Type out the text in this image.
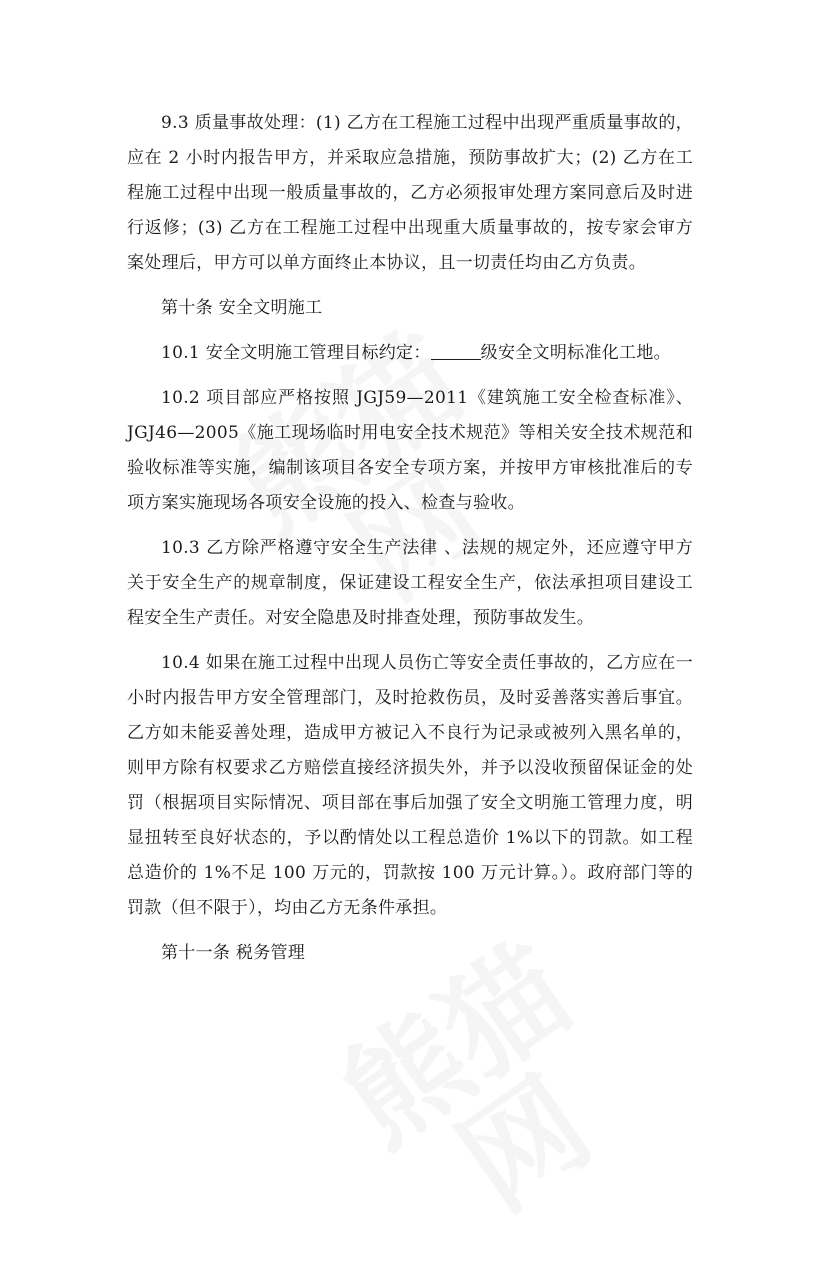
9.3 质量事故处理：(1) 乙方在工程施工过程中出现严重质量事故的，应在 2 小时内报告甲方，并采取应急措施，预防事故扩大；(2) 乙方在工程施工过程中出现一般质量事故的，乙方必须报审处理方案同意后及时进行返修；(3) 乙方在工程施工过程中出现重大质量事故的，按专家会审方案处理后，甲方可以单方面终止本协议，且一切责任均由乙方负责。

第十条 安全文明施工

10.1 安全文明施工管理目标约定：	级安全文明标准化工地。

10.2 项目部应严格按照 JGJ59—2011《建筑施工安全检查标准》、JGJ46—2005《施工现场临时用电安全技术规范》等相关安全技术规范和验收标准等实施，编制该项目各安全专项方案，并按甲方审核批准后的专项方案实施现场各项安全设施的投入、检查与验收。

10.3 乙方除严格遵守安全生产法律 、法规的规定外，还应遵守甲方关于安全生产的规章制度，保证建设工程安全生产，依法承担项目建设工程安全生产责任。对安全隐患及时排查处理，预防事故发生。

10.4 如果在施工过程中出现人员伤亡等安全责任事故的，乙方应在一小时内报告甲方安全管理部门，及时抢救伤员，及时妥善落实善后事宜。乙方如未能妥善处理，造成甲方被记入不良行为记录或被列入黑名单的，则甲方除有权要求乙方赔偿直接经济损失外，并予以没收预留保证金的处罚（根据项目实际情况、项目部在事后加强了安全文明施工管理力度，明显扭转至良好状态的，予以酌情处以工程总造价 1%以下的罚款。如工程总造价的 1%不足 100 万元的，罚款按 100 万元计算。）。政府部门等的罚款（但不限于），均由乙方无条件承担。

第十一条 税务管理
